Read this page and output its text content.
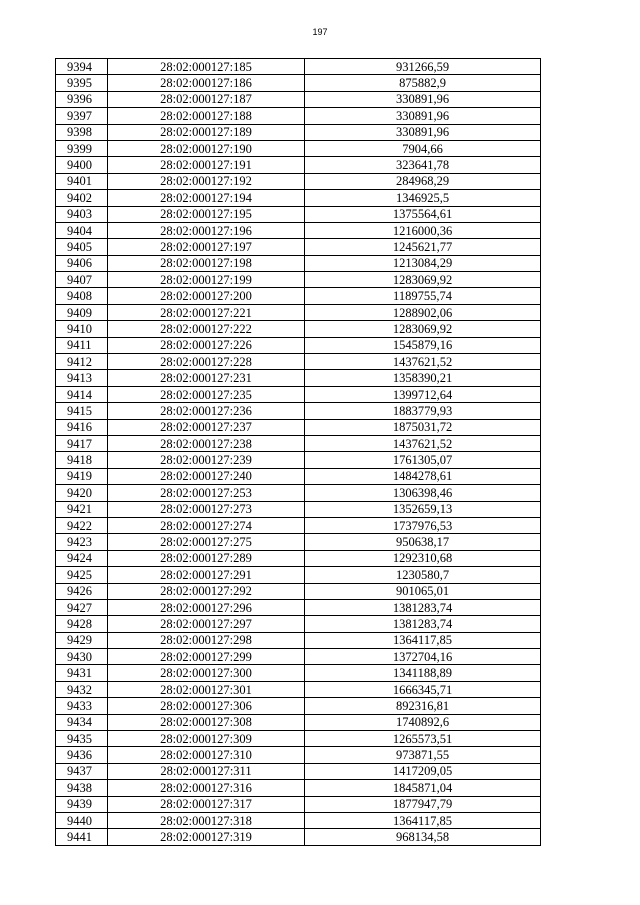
197
9394	28:02:000127:185	931266,59
9395	28:02:000127:186	875882,9
9396	28:02:000127:187	330891,96
9397	28:02:000127:188	330891,96
9398	28:02:000127:189	330891,96
9399	28:02:000127:190	7904,66
9400	28:02:000127:191	323641,78
9401	28:02:000127:192	284968,29
9402	28:02:000127:194	1346925,5
9403	28:02:000127:195	1375564,61
9404	28:02:000127:196	1216000,36
9405	28:02:000127:197	1245621,77
9406	28:02:000127:198	1213084,29
9407	28:02:000127:199	1283069,92
9408	28:02:000127:200	1189755,74
9409	28:02:000127:221	1288902,06
9410	28:02:000127:222	1283069,92
9411	28:02:000127:226	1545879,16
9412	28:02:000127:228	1437621,52
9413	28:02:000127:231	1358390,21
9414	28:02:000127:235	1399712,64
9415	28:02:000127:236	1883779,93
9416	28:02:000127:237	1875031,72
9417	28:02:000127:238	1437621,52
9418	28:02:000127:239	1761305,07
9419	28:02:000127:240	1484278,61
9420	28:02:000127:253	1306398,46
9421	28:02:000127:273	1352659,13
9422	28:02:000127:274	1737976,53
9423	28:02:000127:275	950638,17
9424	28:02:000127:289	1292310,68
9425	28:02:000127:291	1230580,7
9426	28:02:000127:292	901065,01
9427	28:02:000127:296	1381283,74
9428	28:02:000127:297	1381283,74
9429	28:02:000127:298	1364117,85
9430	28:02:000127:299	1372704,16
9431	28:02:000127:300	1341188,89
9432	28:02:000127:301	1666345,71
9433	28:02:000127:306	892316,81
9434	28:02:000127:308	1740892,6
9435	28:02:000127:309	1265573,51
9436	28:02:000127:310	973871,55
9437	28:02:000127:311	1417209,05
9438	28:02:000127:316	1845871,04
9439	28:02:000127:317	1877947,79
9440	28:02:000127:318	1364117,85
9441	28:02:000127:319	968134,58
